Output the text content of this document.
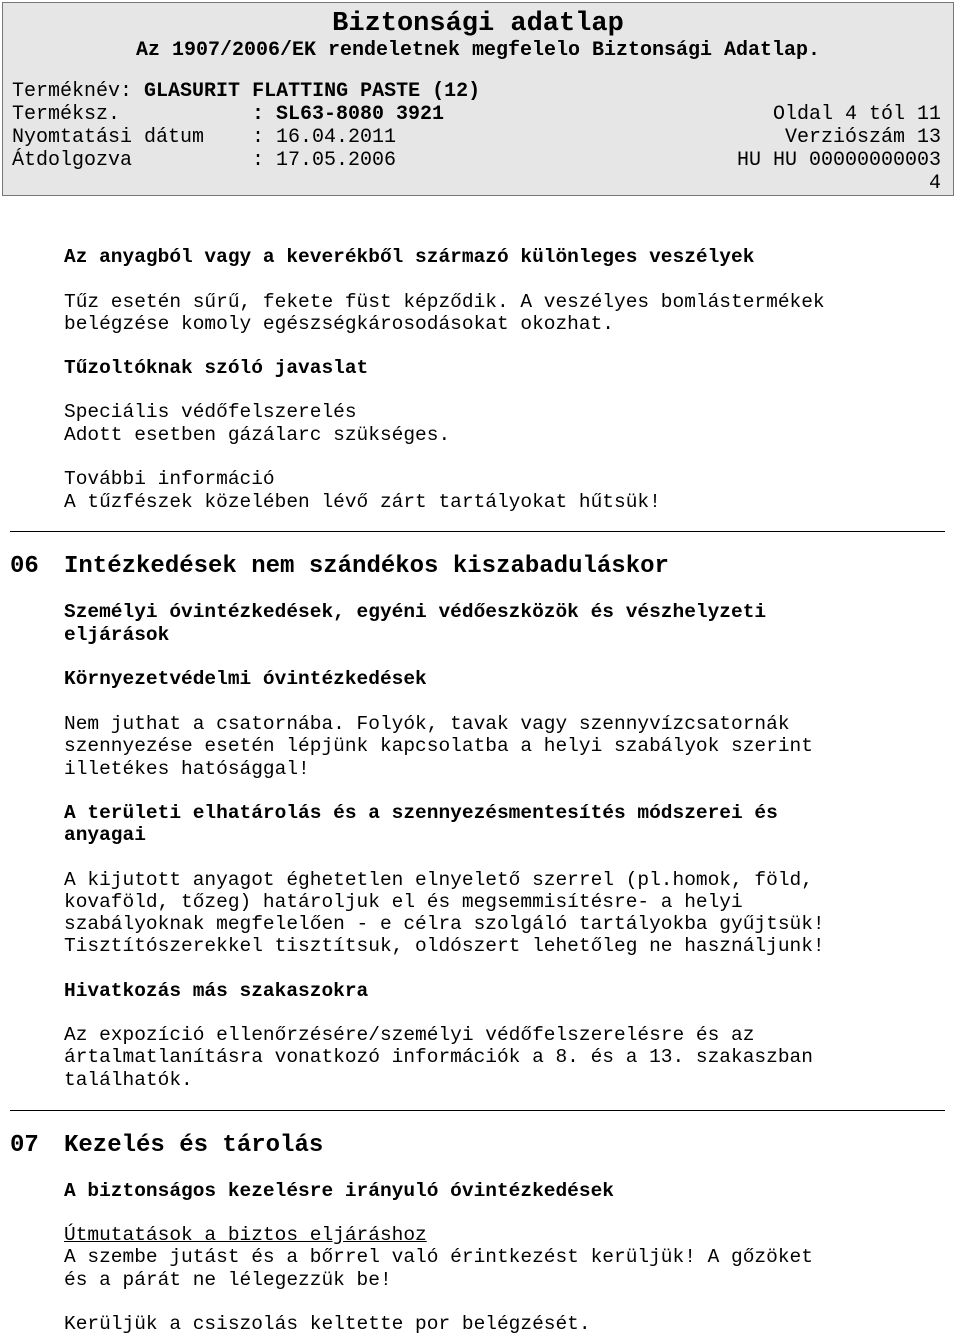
Biztonsági adatlap
Az 1907/2006/EK rendeletnek megfelelo Biztonsági Adatlap.
Terméknév: GLASURIT FLATTING PASTE (12)
Terméksz.	: SL63-8080 3921	Oldal 4 tól 11
Nyomtatási dátum : 16.04.2011	Verziószám 13
Átdolgozva	: 17.05.2006	HU HU 00000000003
4
Az anyagból vagy a keverékből származó különleges veszélyek
Tűz esetén sűrű, fekete füst képződik. A veszélyes bomlástermékek
belégzése komoly egészségkárosodásokat okozhat.
Tűzoltóknak szóló javaslat
Speciális védőfelszerelés
Adott esetben gázálarc szükséges.
További információ
A tűzfészek közelében lévő zárt tartályokat hűtsük!
06 Intézkedések nem szándékos kiszabaduláskor
Személyi óvintézkedések, egyéni védőeszközök és vészhelyzeti
eljárások
Környezetvédelmi óvintézkedések
Nem juthat a csatornába. Folyók, tavak vagy szennyvízcsatornák
szennyezése esetén lépjünk kapcsolatba a helyi szabályok szerint
illetékes hatósággal!
A területi elhatárolás és a szennyezésmentesítés módszerei és
anyagai
A kijutott anyagot éghetetlen elnyelető szerrel (pl.homok, föld,
kovaföld, tőzeg) határoljuk el és megsemmisítésre- a helyi
szabályoknak megfelelően - e célra szolgáló tartályokba gyűjtsük!
Tisztítószerekkel tisztítsuk, oldószert lehetőleg ne használjunk!
Hivatkozás más szakaszokra
Az expozíció ellenőrzésére/személyi védőfelszerelésre és az
ártalmatlanításra vonatkozó információk a 8. és a 13. szakaszban
találhatók.
07 Kezelés és tárolás
A biztonságos kezelésre irányuló óvintézkedések
Útmutatások a biztos eljáráshoz
A szembe jutást és a bőrrel való érintkezést kerüljük! A gőzöket
és a párát ne lélegezzük be!
Kerüljük a csiszolás keltette por belégzését.
